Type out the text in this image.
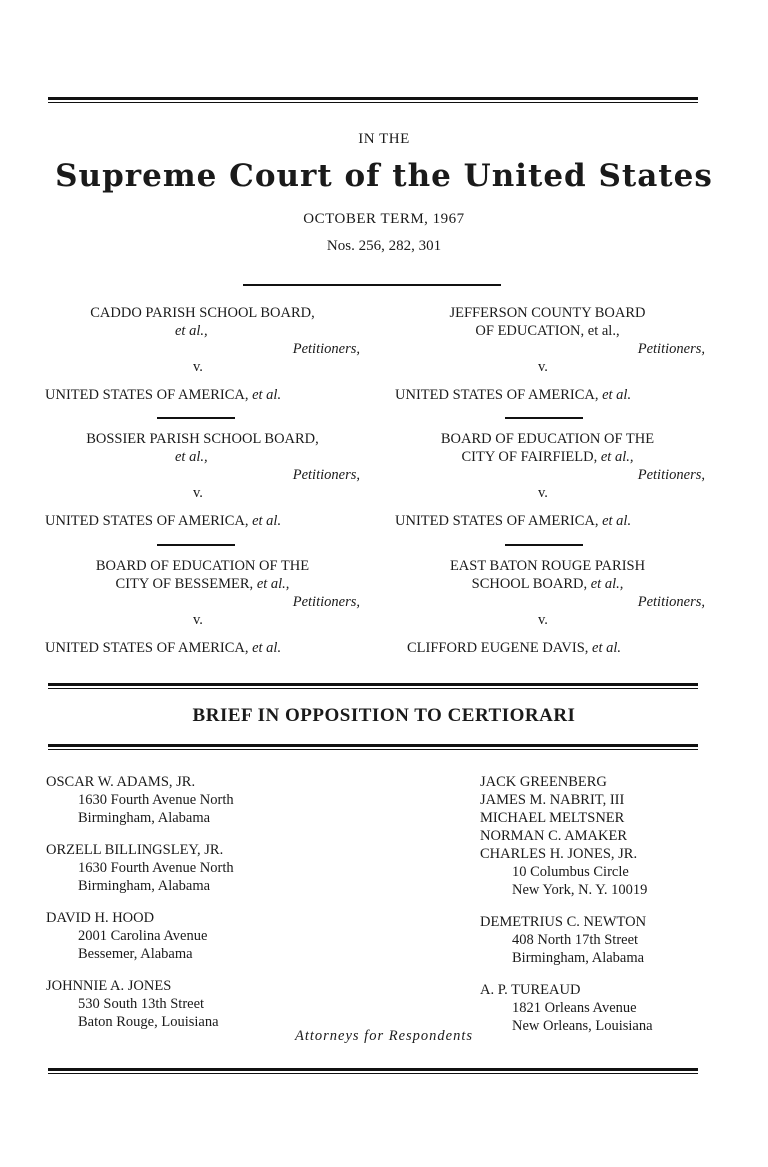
IN THE
Supreme Court of the United States
OCTOBER TERM, 1967
Nos. 256, 282, 301
CADDO PARISH SCHOOL BOARD,
et al.,
Petitioners,
v.
UNITED STATES OF AMERICA, et al.
BOSSIER PARISH SCHOOL BOARD,
et al.,
Petitioners,
v.
UNITED STATES OF AMERICA, et al.
BOARD OF EDUCATION OF THE
CITY OF BESSEMER, et al.,
Petitioners,
v.
UNITED STATES OF AMERICA, et al.
JEFFERSON COUNTY BOARD
OF EDUCATION, et al.,
Petitioners,
v.
UNITED STATES OF AMERICA, et al.
BOARD OF EDUCATION OF THE
CITY OF FAIRFIELD, et al.,
Petitioners,
v.
UNITED STATES OF AMERICA, et al.
EAST BATON ROUGE PARISH
SCHOOL BOARD, et al.,
Petitioners,
v.
CLIFFORD EUGENE DAVIS, et al.
BRIEF IN OPPOSITION TO CERTIORARI
OSCAR W. ADAMS, JR.
1630 Fourth Avenue North
Birmingham, Alabama
ORZELL BILLINGSLEY, JR.
1630 Fourth Avenue North
Birmingham, Alabama
DAVID H. HOOD
2001 Carolina Avenue
Bessemer, Alabama
JOHNNIE A. JONES
530 South 13th Street
Baton Rouge, Louisiana
JACK GREENBERG
JAMES M. NABRIT, III
MICHAEL MELTSNER
NORMAN C. AMAKER
CHARLES H. JONES, JR.
10 Columbus Circle
New York, N. Y. 10019
DEMETRIUS C. NEWTON
408 North 17th Street
Birmingham, Alabama
A. P. TUREAUD
1821 Orleans Avenue
New Orleans, Louisiana
Attorneys for Respondents
